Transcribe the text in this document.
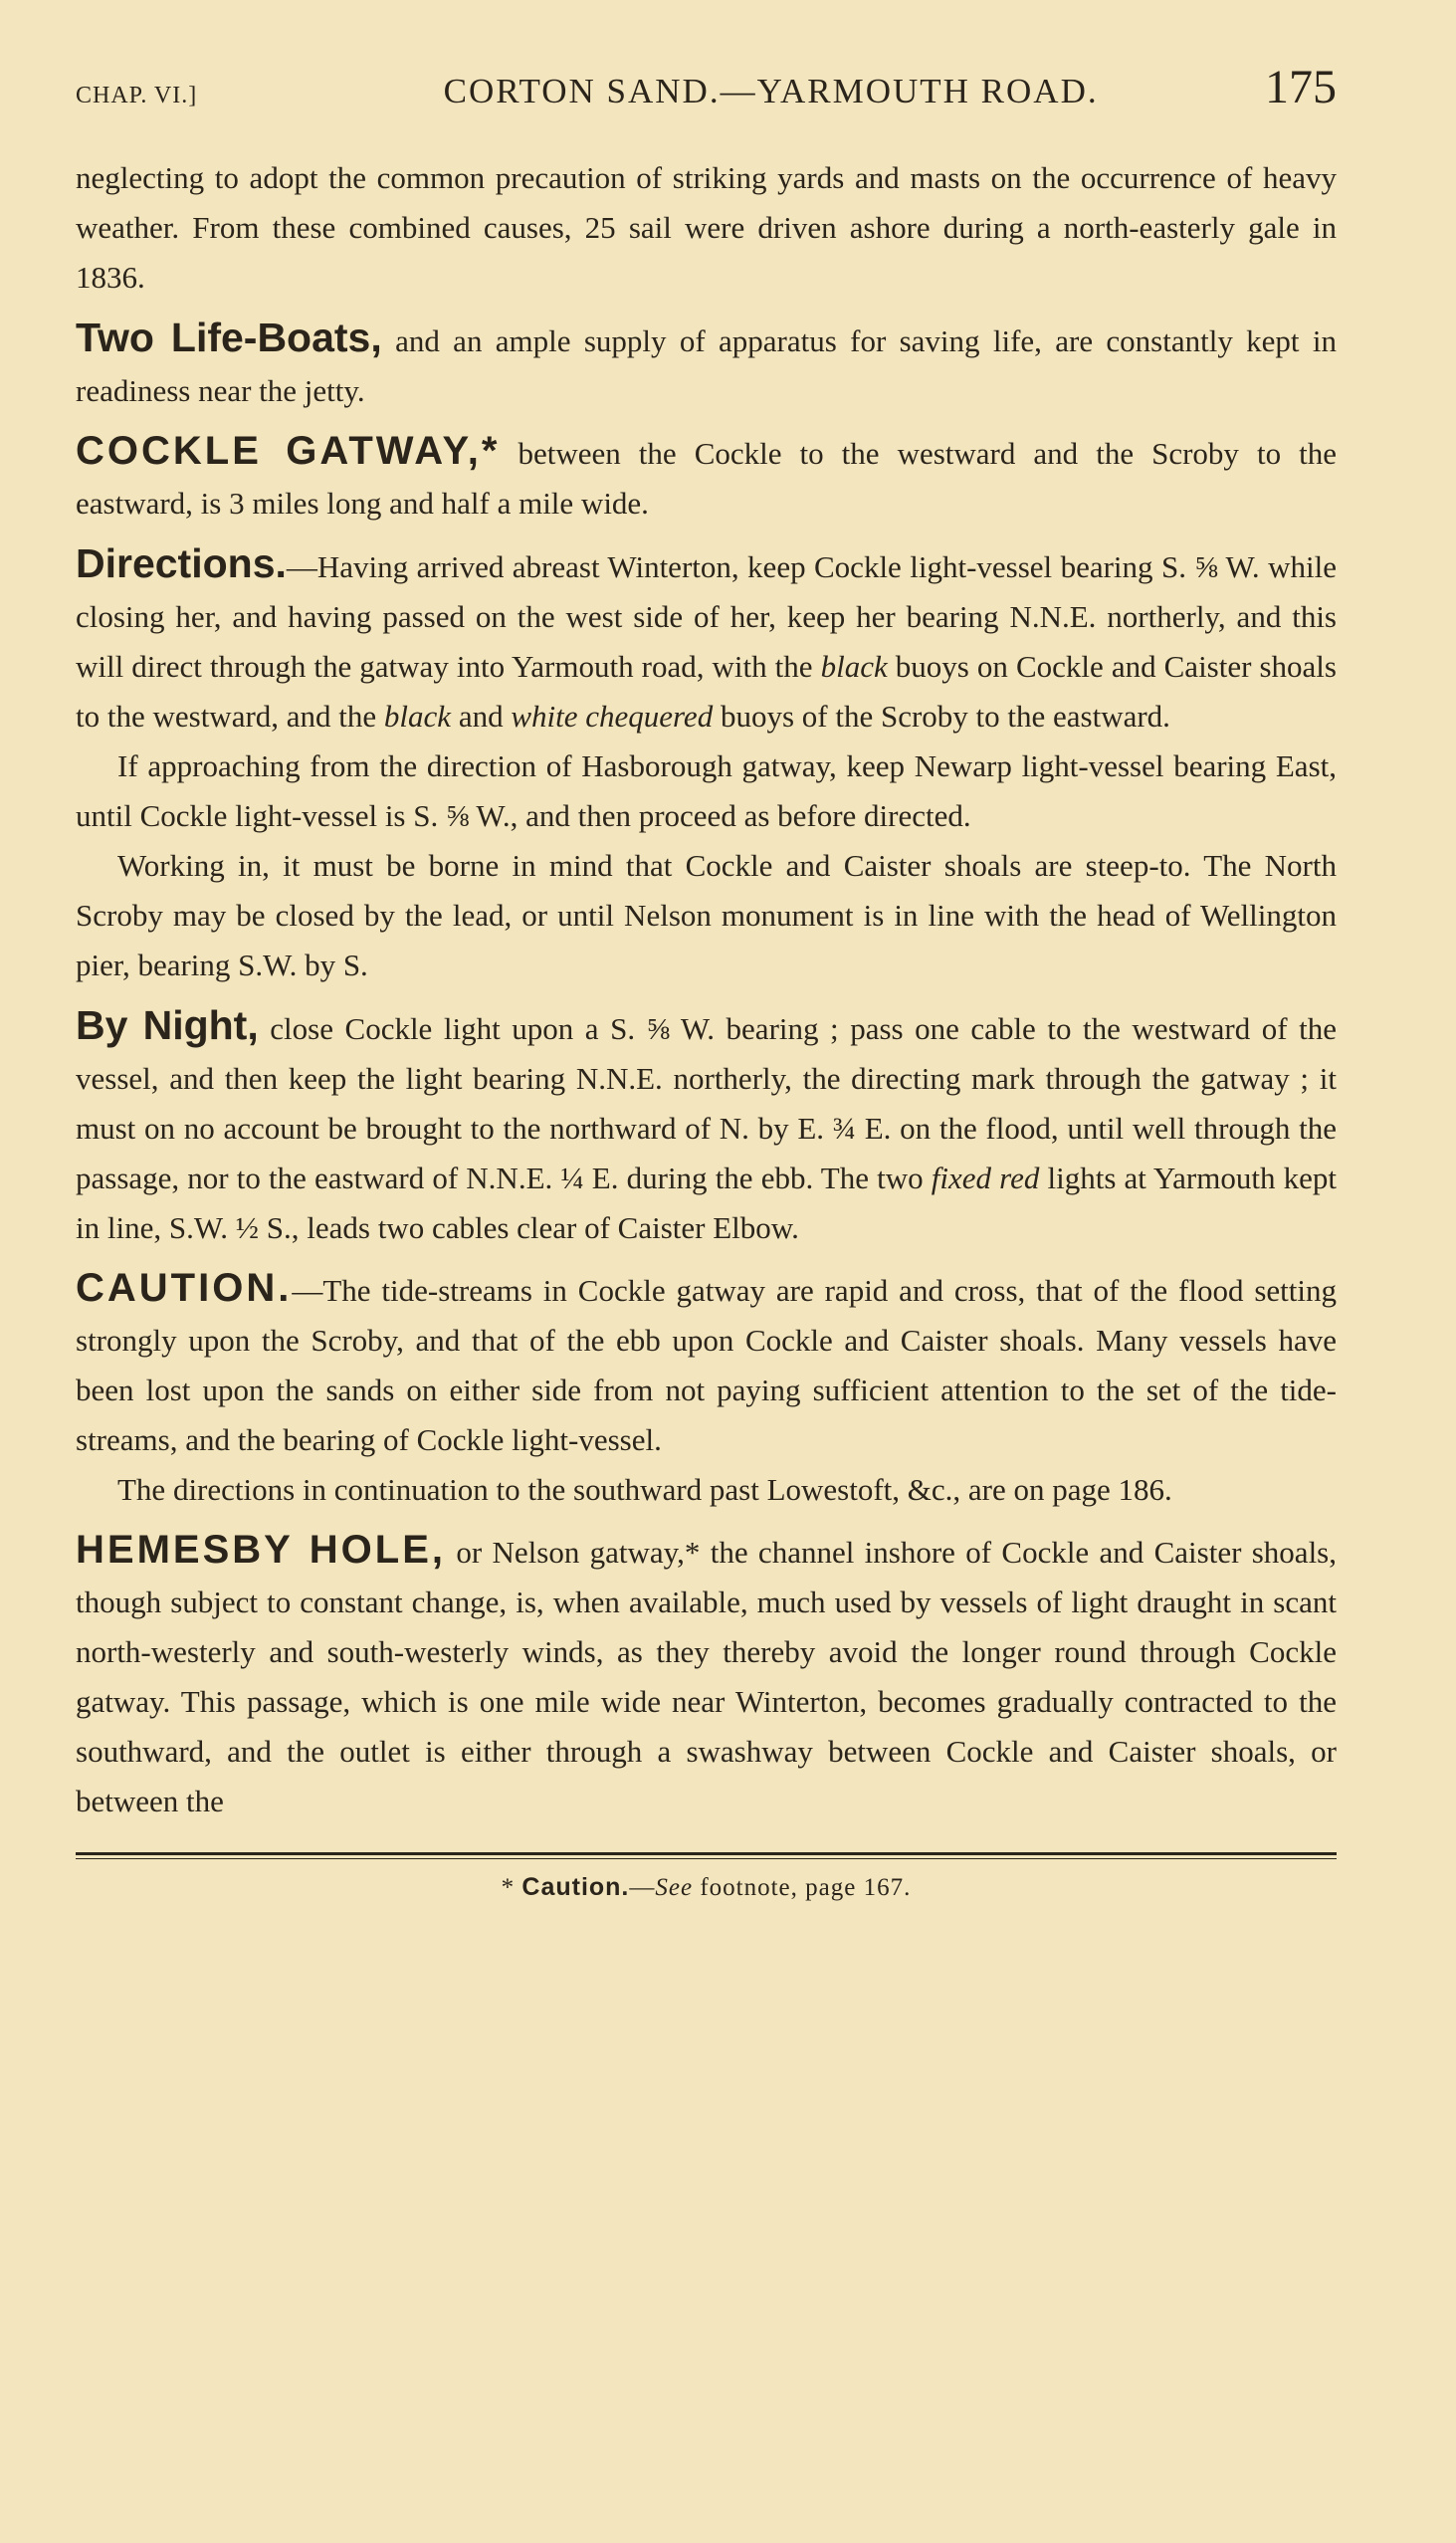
CHAP. VI.]	CORTON SAND.—YARMOUTH ROAD.	175

neglecting to adopt the common precaution of striking yards and masts on the occurrence of heavy weather. From these combined causes, 25 sail were driven ashore during a north-easterly gale in 1836.

Two Life-Boats, and an ample supply of apparatus for saving life, are constantly kept in readiness near the jetty.

COCKLE GATWAY,* between the Cockle to the westward and the Scroby to the eastward, is 3 miles long and half a mile wide.

Directions.—Having arrived abreast Winterton, keep Cockle light-vessel bearing S. ⅝ W. while closing her, and having passed on the west side of her, keep her bearing N.N.E. northerly, and this will direct through the gatway into Yarmouth road, with the black buoys on Cockle and Caister shoals to the westward, and the black and white chequered buoys of the Scroby to the eastward.

If approaching from the direction of Hasborough gatway, keep Newarp light-vessel bearing East, until Cockle light-vessel is S. ⅝ W., and then proceed as before directed.

Working in, it must be borne in mind that Cockle and Caister shoals are steep-to. The North Scroby may be closed by the lead, or until Nelson monument is in line with the head of Wellington pier, bearing S.W. by S.

By Night, close Cockle light upon a S. ⅝ W. bearing ; pass one cable to the westward of the vessel, and then keep the light bearing N.N.E. northerly, the directing mark through the gatway ; it must on no account be brought to the northward of N. by E. ¾ E. on the flood, until well through the passage, nor to the eastward of N.N.E. ¼ E. during the ebb. The two fixed red lights at Yarmouth kept in line, S.W. ½ S., leads two cables clear of Caister Elbow.

CAUTION.—The tide-streams in Cockle gatway are rapid and cross, that of the flood setting strongly upon the Scroby, and that of the ebb upon Cockle and Caister shoals. Many vessels have been lost upon the sands on either side from not paying sufficient attention to the set of the tide-streams, and the bearing of Cockle light-vessel.

The directions in continuation to the southward past Lowestoft, &c., are on page 186.

HEMESBY HOLE, or Nelson gatway,* the channel inshore of Cockle and Caister shoals, though subject to constant change, is, when available, much used by vessels of light draught in scant north-westerly and south-westerly winds, as they thereby avoid the longer round through Cockle gatway. This passage, which is one mile wide near Winterton, becomes gradually contracted to the southward, and the outlet is either through a swashway between Cockle and Caister shoals, or between the

* Caution.—See footnote, page 167.
